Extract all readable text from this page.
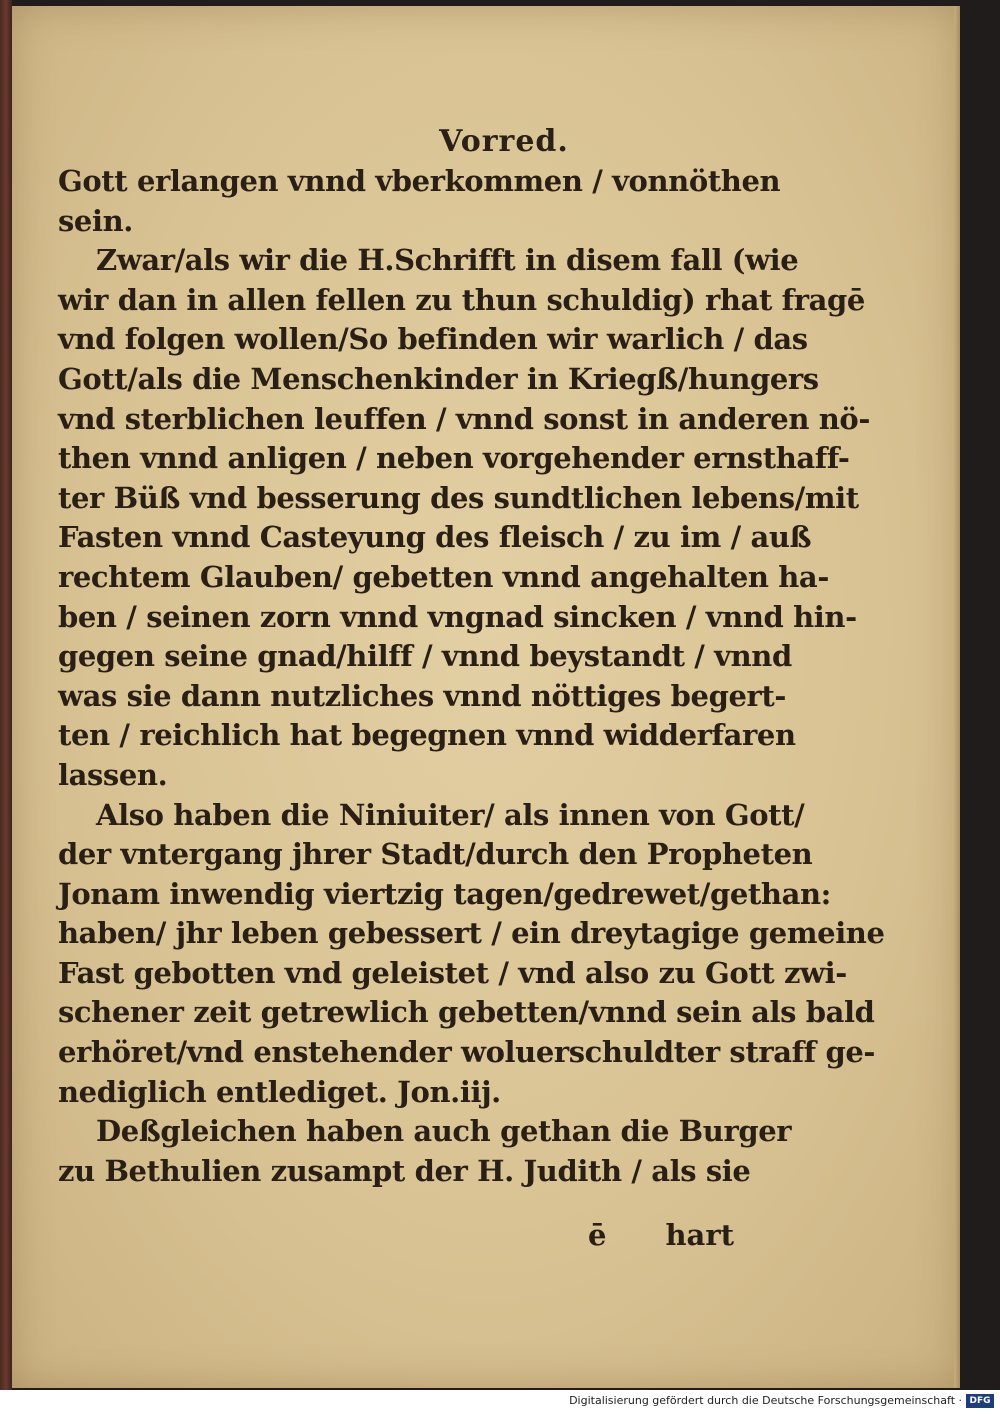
Vorred.
Gott erlangen vnnd vberkommen / vonnöthen
sein.
Zwar/als wir die H.Schrifft in disem fall (wie
wir dan in allen fellen zu thun schuldig) rhat fragē
vnd folgen wollen/So befinden wir warlich / das
Gott/als die Menschenkinder in Kriegß/hungers
vnd sterblichen leuffen / vnnd sonst in anderen nö-
then vnnd anligen / neben vorgehender ernsthaff-
ter Büß vnd besserung des sundtlichen lebens/mit
Fasten vnnd Casteyung des fleisch / zu im / auß
rechtem Glauben/ gebetten vnnd angehalten ha-
ben / seinen zorn vnnd vngnad sincken / vnnd hin-
gegen seine gnad/hilff / vnnd beystandt / vnnd
was sie dann nutzliches vnnd nöttiges begert-
ten / reichlich hat begegnen vnnd widderfaren
lassen.
Also haben die Niniuiter/ als innen von Gott/
der vntergang jhrer Stadt/durch den Propheten
Jonam inwendig viertzig tagen/gedrewet/gethan:
haben/ jhr leben gebessert / ein dreytagige gemeine
Fast gebotten vnd geleistet / vnd also zu Gott zwi-
schener zeit getrewlich gebetten/vnnd sein als bald
erhöret/vnd enstehender woluerschuldter straff ge-
nediglich entlediget. Jon.iij.
Deßgleichen haben auch gethan die Burger
zu Bethulien zusampt der H. Judith / als sie
ē hart
Digitalisierung gefördert durch die Deutsche Forschungsgemeinschaft · DFG
